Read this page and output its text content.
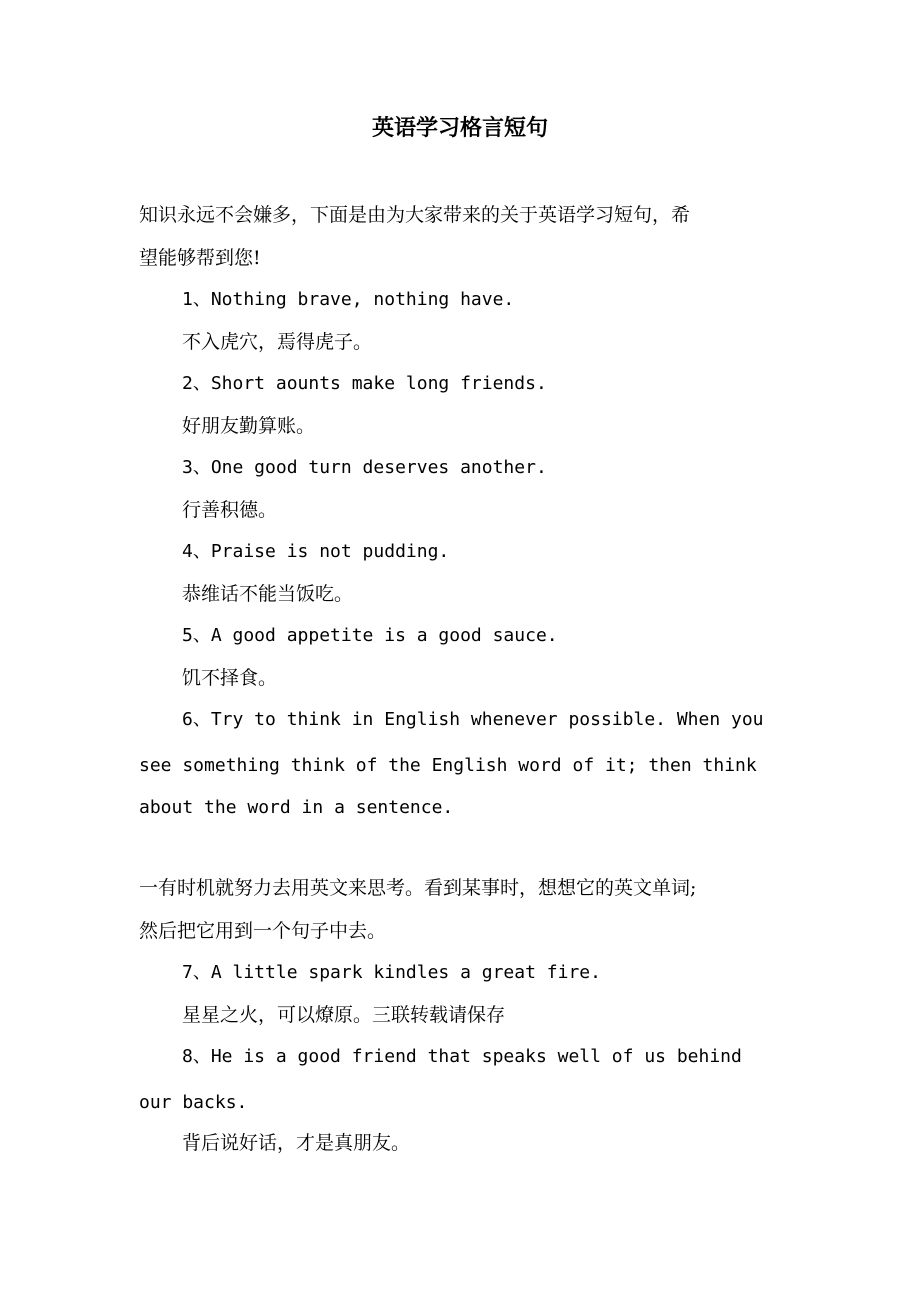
英语学习格言短句
知识永远不会嫌多，下面是由为大家带来的关于英语学习短句，希
望能够帮到您!
1、Nothing brave, nothing have.
不入虎穴，焉得虎子。
2、Short aounts make long friends.
好朋友勤算账。
3、One good turn deserves another.
行善积德。
4、Praise is not pudding.
恭维话不能当饭吃。
5、A good appetite is a good sauce.
饥不择食。
6、Try to think in English whenever possible. When you
see something think of the English word of it; then think
about the word in a sentence.
一有时机就努力去用英文来思考。看到某事时，想想它的英文单词;
然后把它用到一个句子中去。
7、A little spark kindles a great fire.
星星之火，可以燎原。三联转载请保存
8、He is a good friend that speaks well of us behind
our backs.
背后说好话，才是真朋友。
